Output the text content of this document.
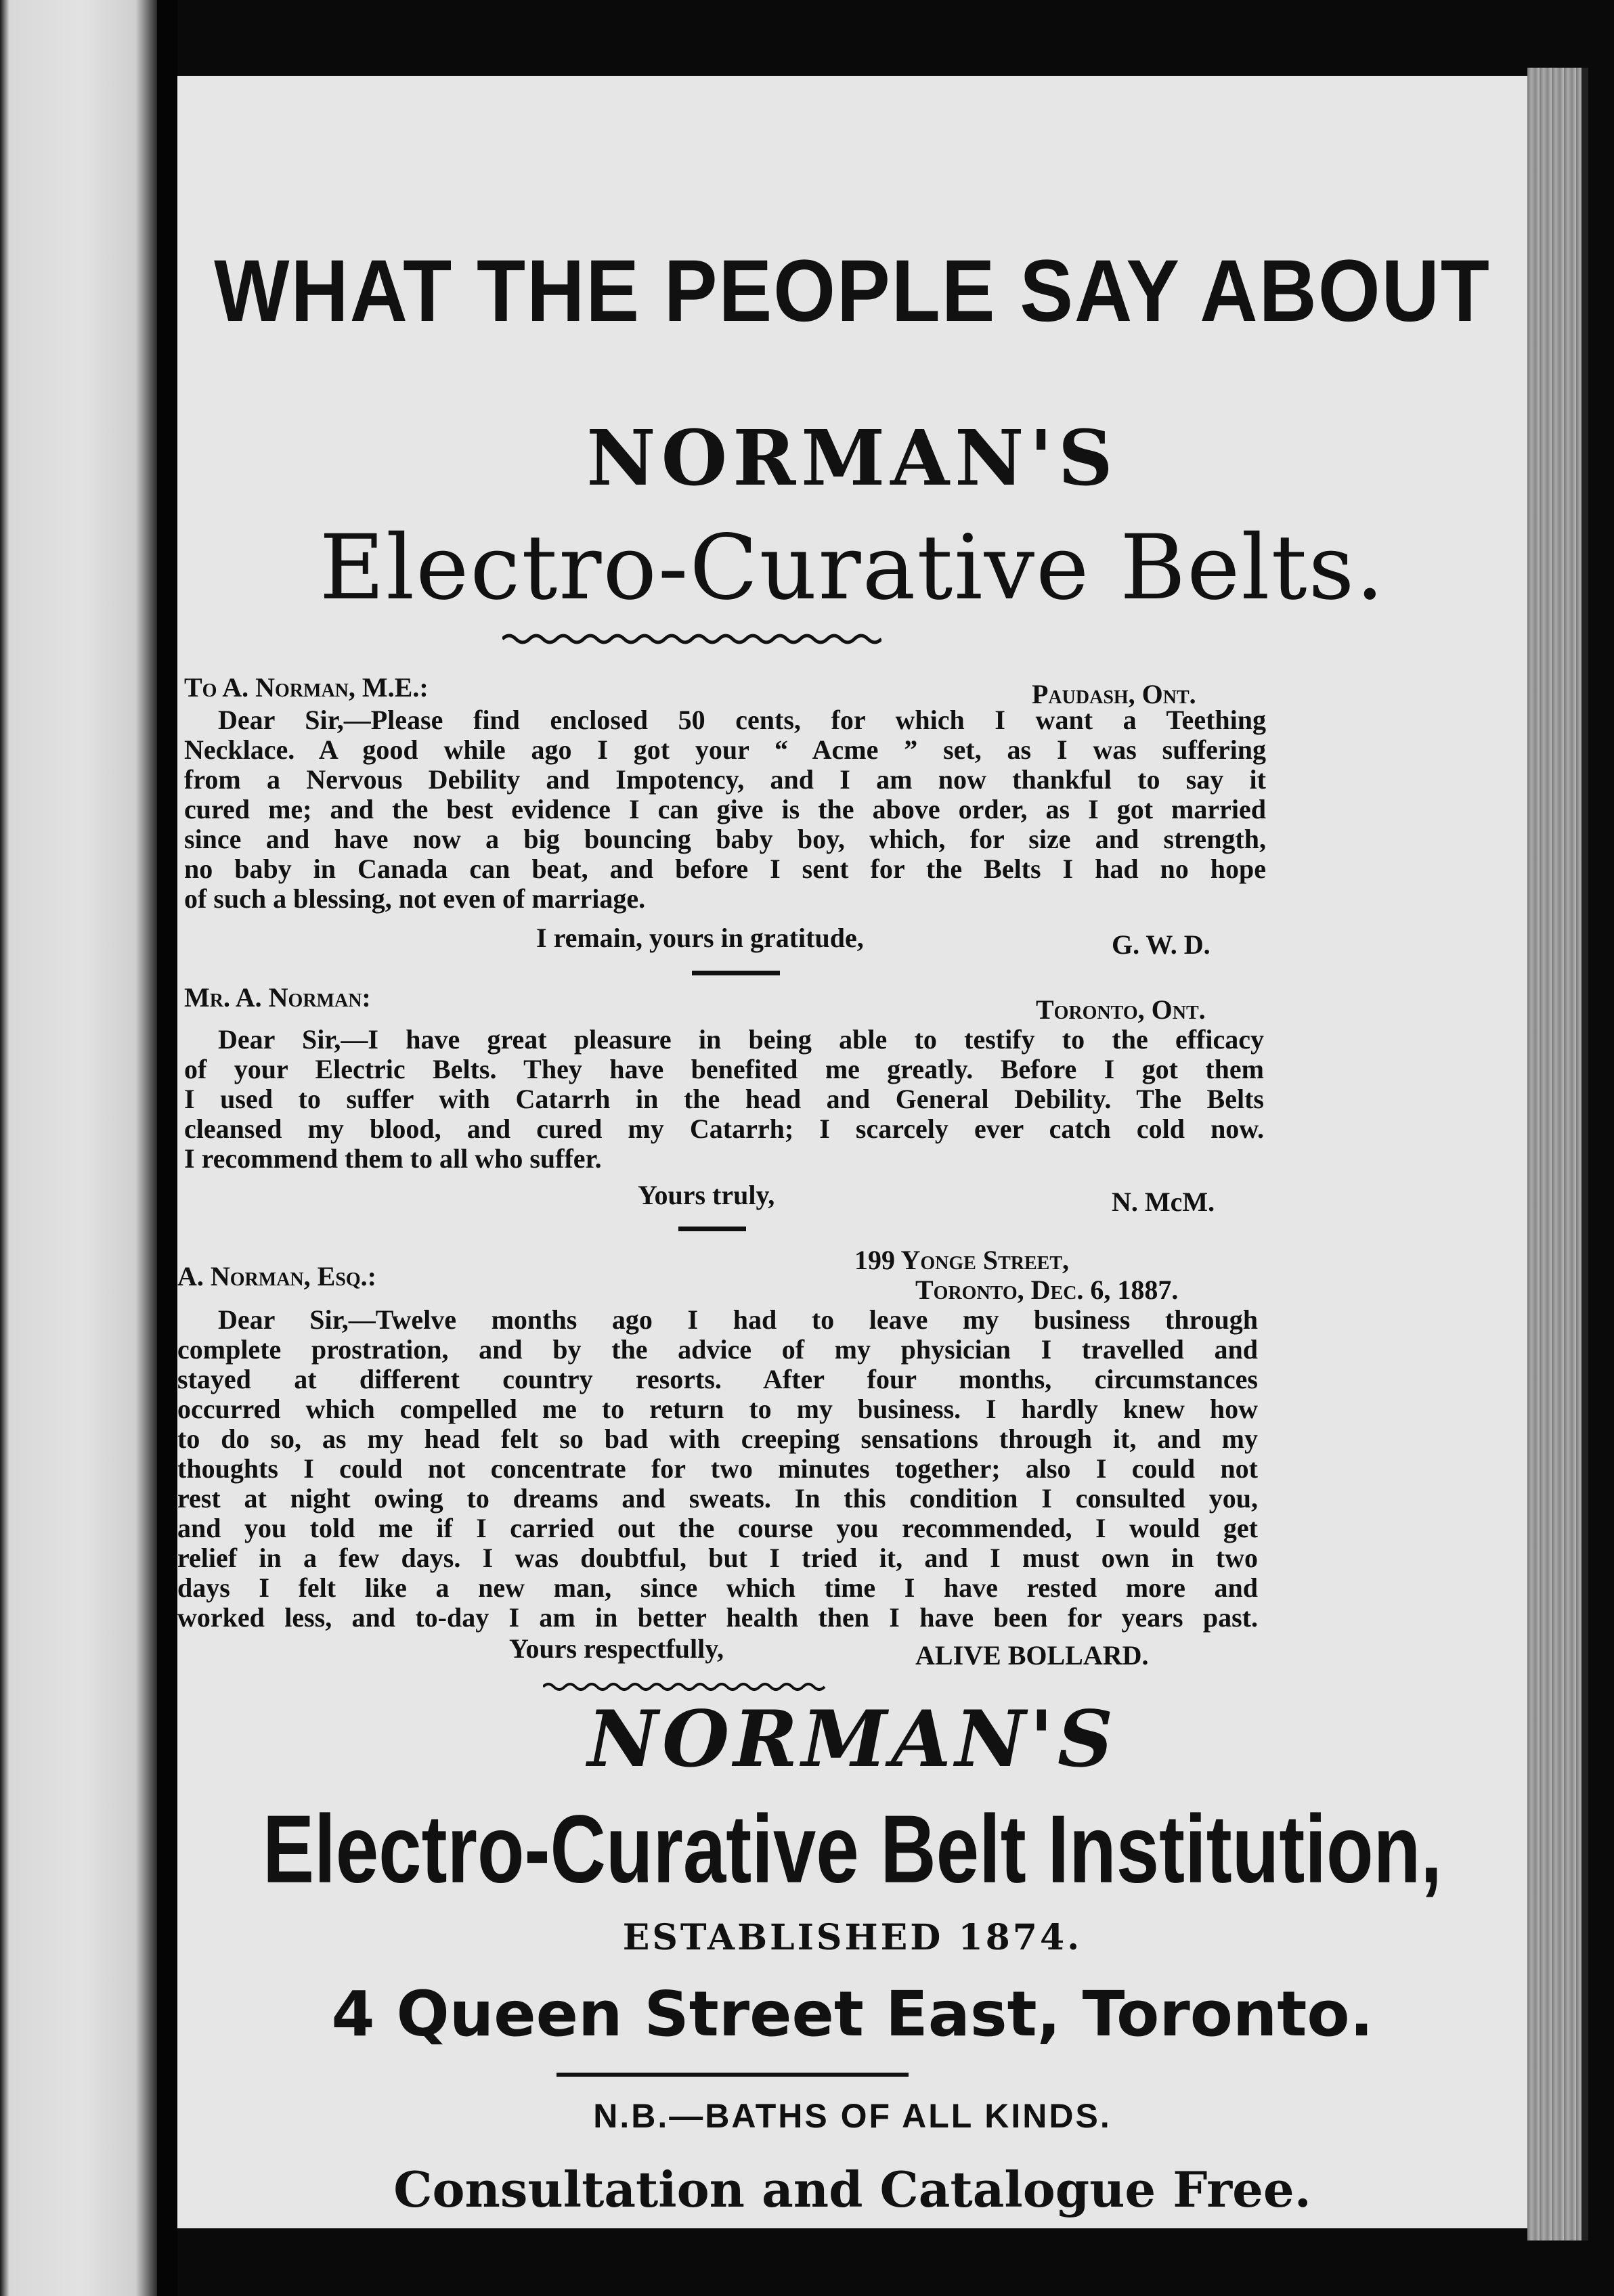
WHAT THE PEOPLE SAY ABOUT
NORMAN'S
Electro-Curative Belts.
To A. Norman, M.E.:	Paudash, Ont.
Dear Sir,—Please find enclosed 50 cents, for which I want a Teething
Necklace. A good while ago I got your “ Acme ” set, as I was suffering
from a Nervous Debility and Impotency, and I am now thankful to say it
cured me; and the best evidence I can give is the above order, as I got married
since and have now a big bouncing baby boy, which, for size and strength,
no baby in Canada can beat, and before I sent for the Belts I had no hope
of such a blessing, not even of marriage.
I remain, yours in gratitude,	G. W. D.
Mr. A. Norman:	Toronto, Ont.
Dear Sir,—I have great pleasure in being able to testify to the efficacy
of your Electric Belts. They have benefited me greatly. Before I got them
I used to suffer with Catarrh in the head and General Debility. The Belts
cleansed my blood, and cured my Catarrh; I scarcely ever catch cold now.
I recommend them to all who suffer.
Yours truly,	N. McM.
199 Yonge Street,
A. Norman, Esq.:	Toronto, Dec. 6, 1887.
Dear Sir,—Twelve months ago I had to leave my business through
complete prostration, and by the advice of my physician I travelled and
stayed at different country resorts. After four months, circumstances
occurred which compelled me to return to my business. I hardly knew how
to do so, as my head felt so bad with creeping sensations through it, and my
thoughts I could not concentrate for two minutes together; also I could not
rest at night owing to dreams and sweats. In this condition I consulted you,
and you told me if I carried out the course you recommended, I would get
relief in a few days. I was doubtful, but I tried it, and I must own in two
days I felt like a new man, since which time I have rested more and
worked less, and to-day I am in better health then I have been for years past.
Yours respectfully,	ALIVE BOLLARD.
NORMAN'S
Electro-Curative Belt Institution,
ESTABLISHED 1874.
4 Queen Street East, Toronto.
N.B.—BATHS OF ALL KINDS.
Consultation and Catalogue Free.
